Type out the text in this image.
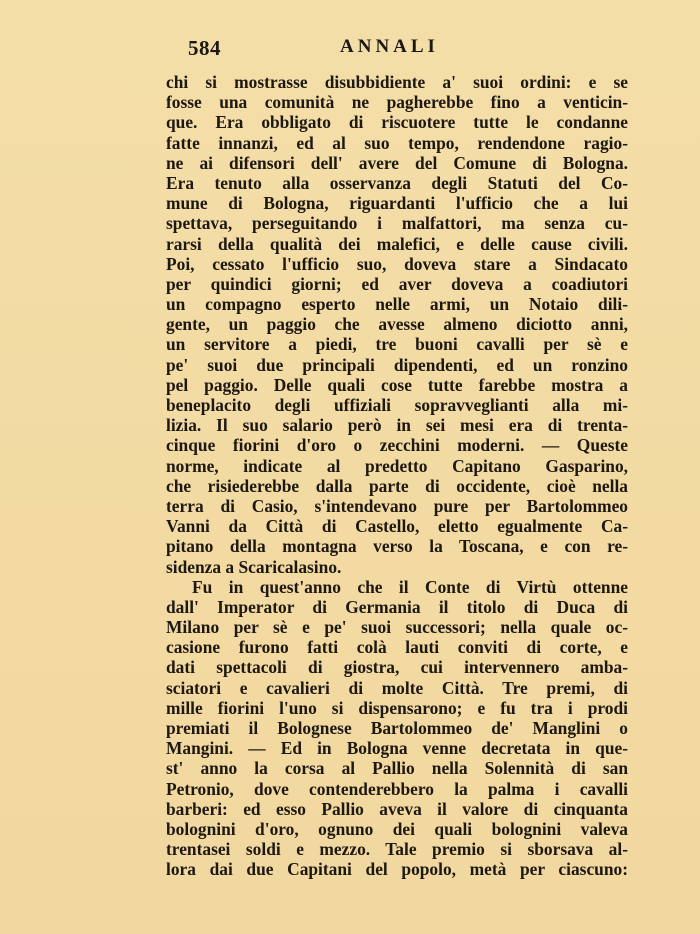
584	ANNALI
chi si mostrasse disubbidiente a' suoi ordini: e se
fosse una comunità ne pagherebbe fino a venticin-
que. Era obbligato di riscuotere tutte le condanne
fatte innanzi, ed al suo tempo, rendendone ragio-
ne ai difensori dell' avere del Comune di Bologna.
Era tenuto alla osservanza degli Statuti del Co-
mune di Bologna, riguardanti l'ufficio che a lui
spettava, perseguitando i malfattori, ma senza cu-
rarsi della qualità dei malefici, e delle cause civili.
Poi, cessato l'ufficio suo, doveva stare a Sindacato
per quindici giorni; ed aver doveva a coadiutori
un compagno esperto nelle armi, un Notaio dili-
gente, un paggio che avesse almeno diciotto anni,
un servitore a piedi, tre buoni cavalli per sè e
pe' suoi due principali dipendenti, ed un ronzino
pel paggio. Delle quali cose tutte farebbe mostra a
beneplacito degli uffiziali sopravveglianti alla mi-
lizia. Il suo salario però in sei mesi era di trenta-
cinque fiorini d'oro o zecchini moderni. — Queste
norme, indicate al predetto Capitano Gasparino,
che risiederebbe dalla parte di occidente, cioè nella
terra di Casio, s'intendevano pure per Bartolommeo
Vanni da Città di Castello, eletto egualmente Ca-
pitano della montagna verso la Toscana, e con re-
sidenza a Scaricalasino.
Fu in quest'anno che il Conte di Virtù ottenne
dall' Imperator di Germania il titolo di Duca di
Milano per sè e pe' suoi successori; nella quale oc-
casione furono fatti colà lauti conviti di corte, e
dati spettacoli di giostra, cui intervennero amba-
sciatori e cavalieri di molte Città. Tre premi, di
mille fiorini l'uno si dispensarono; e fu tra i prodi
premiati il Bolognese Bartolommeo de' Manglini o
Mangini. — Ed in Bologna venne decretata in que-
st' anno la corsa al Pallio nella Solennità di san
Petronio, dove contenderebbero la palma i cavalli
barberi: ed esso Pallio aveva il valore di cinquanta
bolognini d'oro, ognuno dei quali bolognini valeva
trentasei soldi e mezzo. Tale premio si sborsava al-
lora dai due Capitani del popolo, metà per ciascuno:
